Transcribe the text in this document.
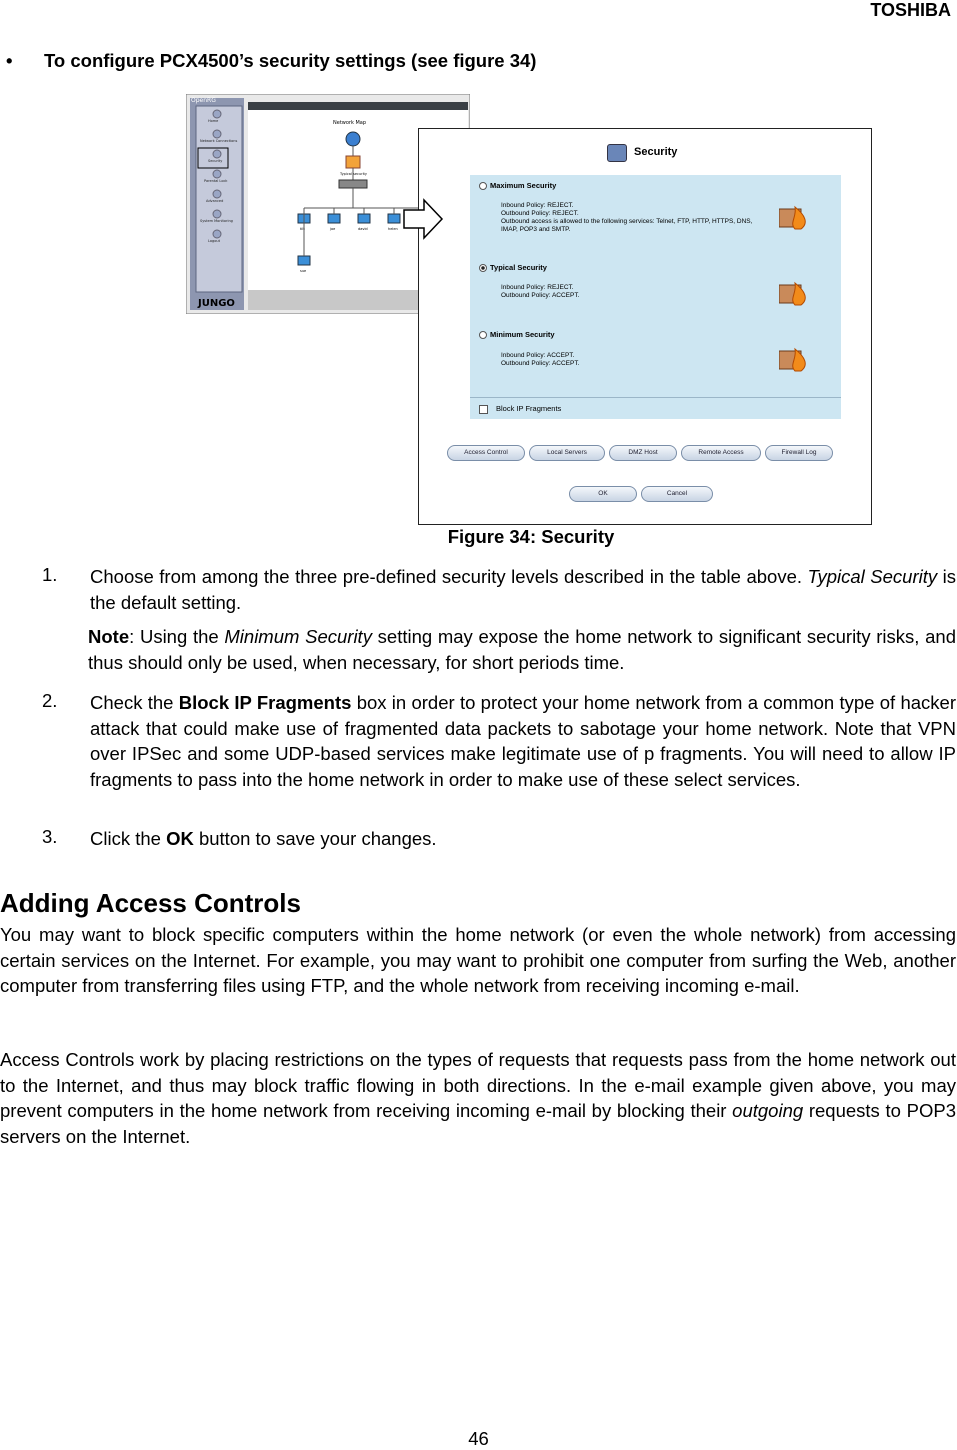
TOSHIBA
• To configure PCX4500’s security settings (see figure 34)
OpenRG
JUNGO
Network Map
Typical security
Home
Network Connections
Security
Parental Lock
Advanced
System Monitoring
Logout
tilt	joe	david	helen
sue
Security
Maximum Security
Inbound Policy: REJECT.
Outbound Policy: REJECT.
Outbound access is allowed to the following services: Telnet, FTP, HTTP, HTTPS, DNS, IMAP, POP3 and SMTP.
Typical Security
Inbound Policy: REJECT.
Outbound Policy: ACCEPT.
Minimum Security
Inbound Policy: ACCEPT.
Outbound Policy: ACCEPT.
Block IP Fragments
Access Control	Local Servers	DMZ Host	Remote Access	Firewall Log
OK	Cancel
Figure 34: Security
1. Choose from among the three pre-defined security levels described in the table above. Typical Security is the default setting.
Note: Using the Minimum Security setting may expose the home network to significant security risks, and thus should only be used, when necessary, for short periods time.
2. Check the Block IP Fragments box in order to protect your home network from a common type of hacker attack that could make use of fragmented data packets to sabotage your home network. Note that VPN over IPSec and some UDP-based services make legitimate use of p fragments. You will need to allow IP fragments to pass into the home network in order to make use of these select services.
3. Click the OK button to save your changes.
Adding Access Controls
You may want to block specific computers within the home network (or even the whole network) from accessing certain services on the Internet. For example, you may want to prohibit one computer from surfing the Web, another computer from transferring files using FTP, and the whole network from receiving incoming e-mail.
Access Controls work by placing restrictions on the types of requests that requests pass from the home network out to the Internet, and thus may block traffic flowing in both directions. In the e-mail example given above, you may prevent computers in the home network from receiving incoming e-mail by blocking their outgoing requests to POP3 servers on the Internet.
46
